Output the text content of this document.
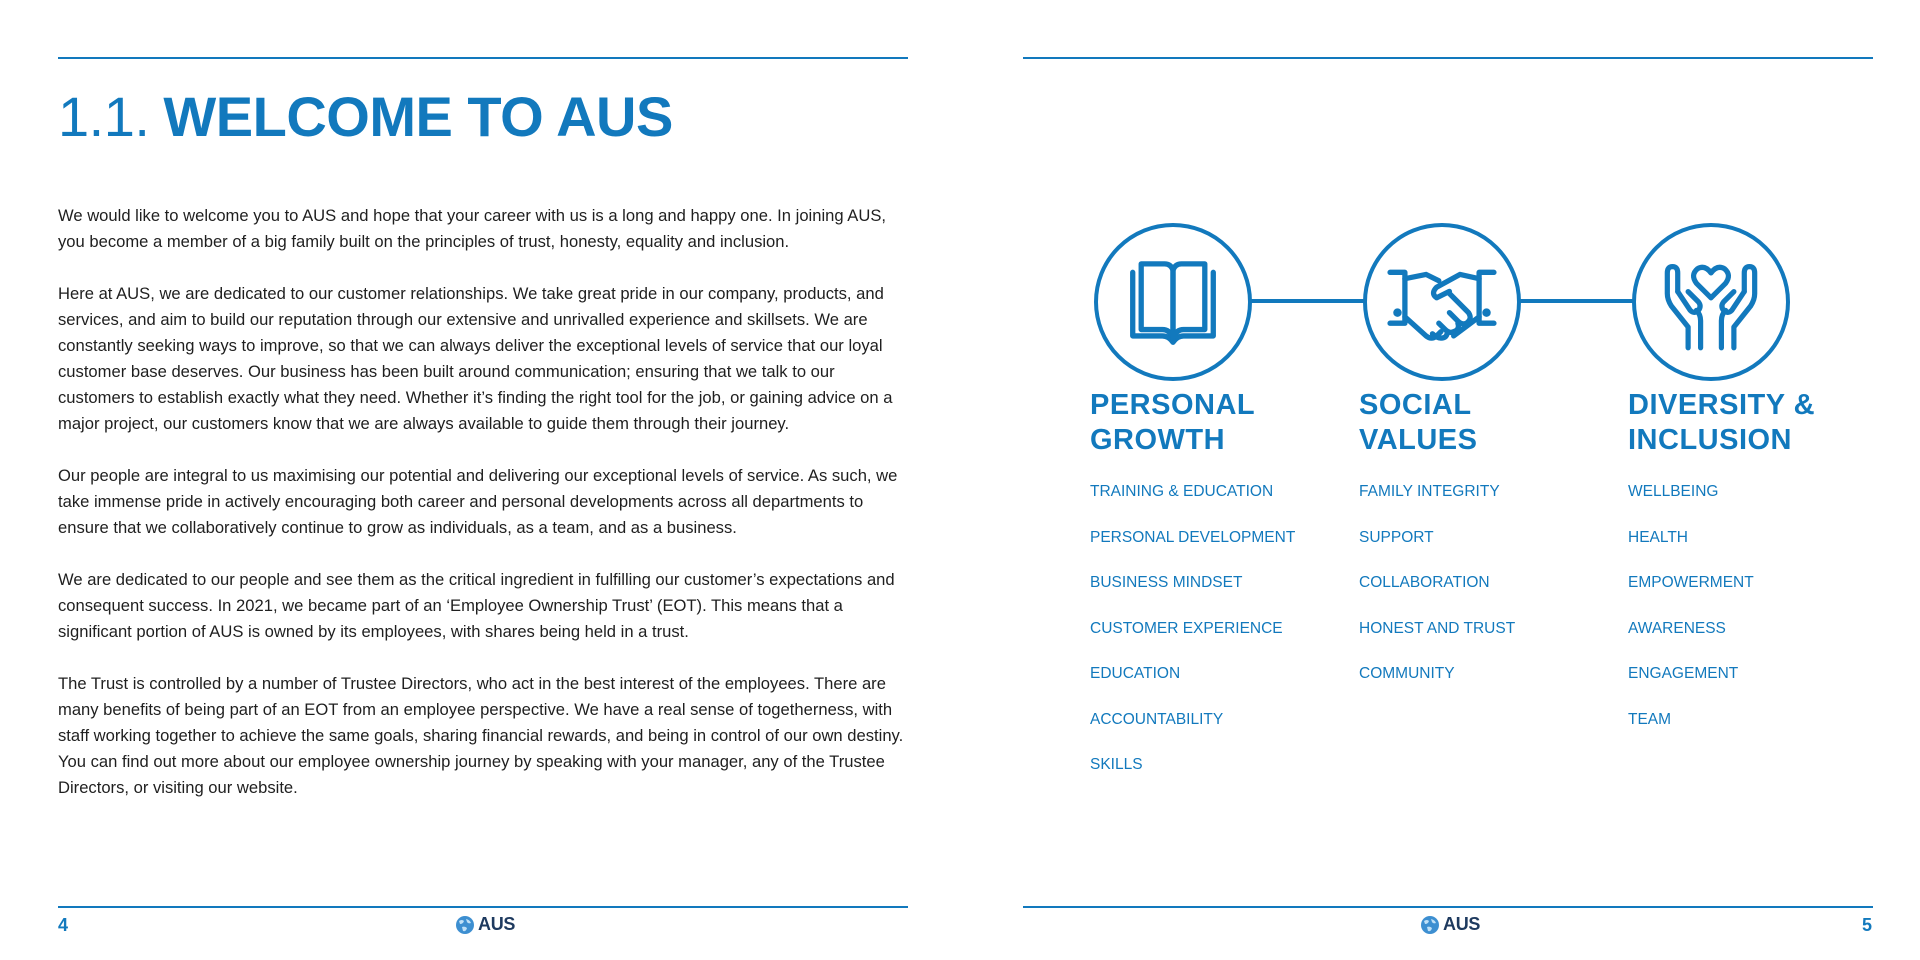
1.1. WELCOME TO AUS

We would like to welcome you to AUS and hope that your career with us is a long and happy one. In joining AUS, you become a member of a big family built on the principles of trust, honesty, equality and inclusion.

Here at AUS, we are dedicated to our customer relationships. We take great pride in our company, products, and services, and aim to build our reputation through our extensive and unrivalled experience and skillsets. We are constantly seeking ways to improve, so that we can always deliver the exceptional levels of service that our loyal customer base deserves. Our business has been built around communication; ensuring that we talk to our customers to establish exactly what they need. Whether it’s finding the right tool for the job, or gaining advice on a major project, our customers know that we are always available to guide them through their journey.

Our people are integral to us maximising our potential and delivering our exceptional levels of service. As such, we take immense pride in actively encouraging both career and personal developments across all departments to ensure that we collaboratively continue to grow as individuals, as a team, and as a business.

We are dedicated to our people and see them as the critical ingredient in fulfilling our customer’s expectations and consequent success. In 2021, we became part of an ‘Employee Ownership Trust’ (EOT). This means that a significant portion of AUS is owned by its employees, with shares being held in a trust.

The Trust is controlled by a number of Trustee Directors, who act in the best interest of the employees. There are many benefits of being part of an EOT from an employee perspective. We have a real sense of togetherness, with staff working together to achieve the same goals, sharing financial rewards, and being in control of our own destiny. You can find out more about our employee ownership journey by speaking with your manager, any of the Trustee Directors, or visiting our website.

4	AUS
PERSONAL
GROWTH
TRAINING & EDUCATION
PERSONAL DEVELOPMENT
BUSINESS MINDSET
CUSTOMER EXPERIENCE
EDUCATION
ACCOUNTABILITY
SKILLS
SOCIAL
VALUES
FAMILY INTEGRITY
SUPPORT
COLLABORATION
HONEST AND TRUST
COMMUNITY
DIVERSITY &
INCLUSION
WELLBEING
HEALTH
EMPOWERMENT
AWARENESS
ENGAGEMENT
TEAM
AUS	5
